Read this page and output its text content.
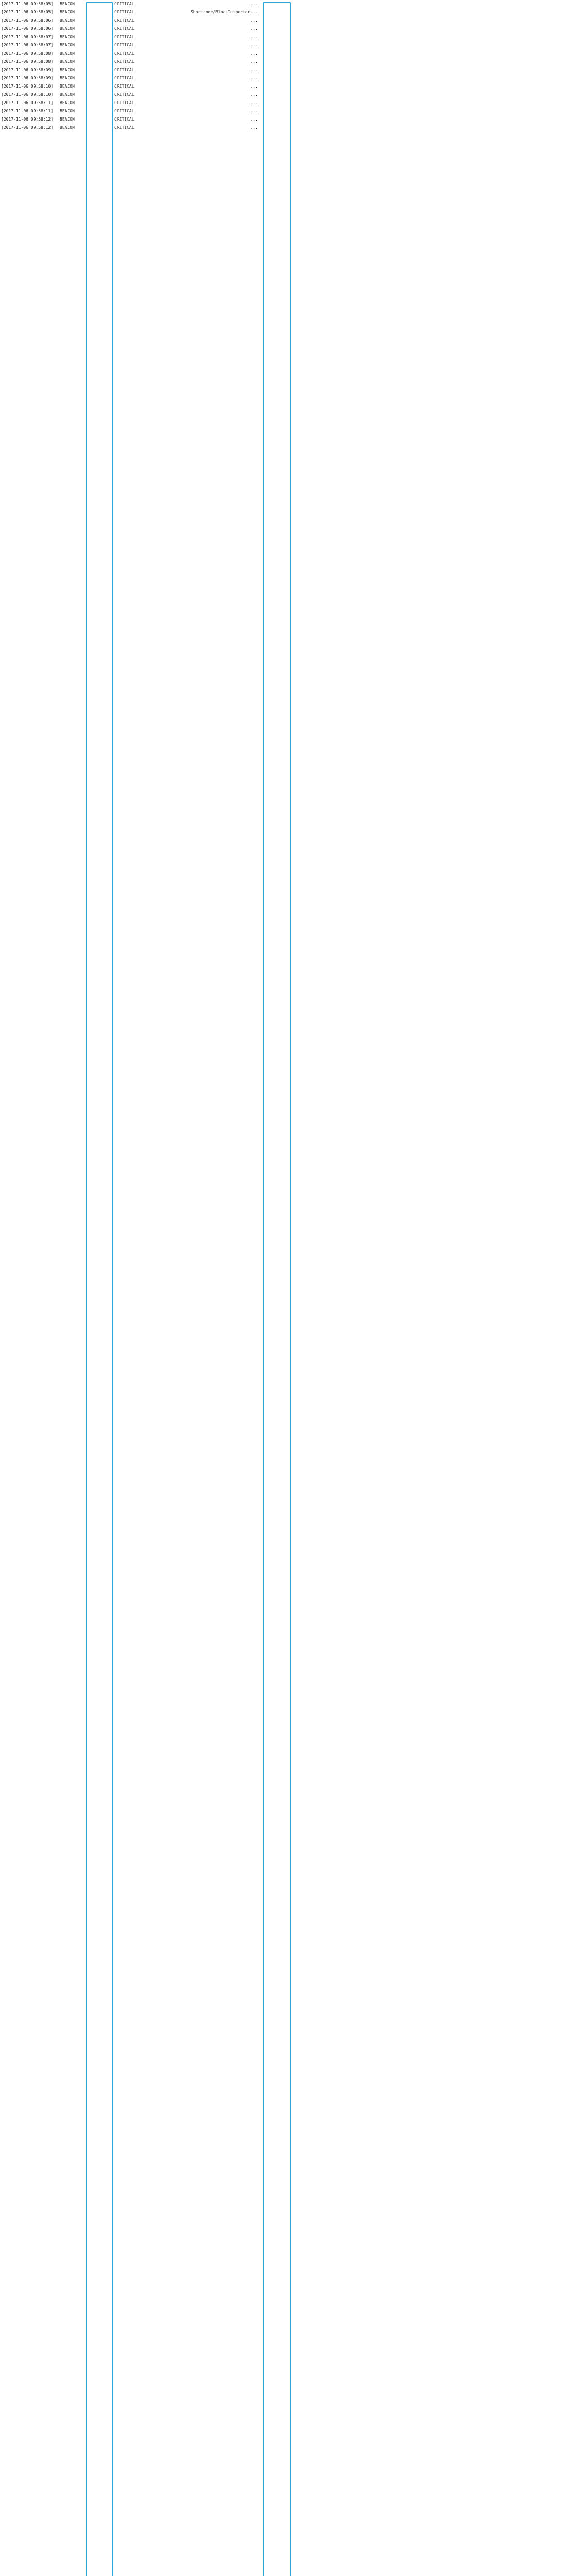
[2017-11-06 09:58:05]	BEACON	CRITICAL	...
[2017-11-06 09:58:05]	BEACON	CRITICAL	Shortcode/BlockInspector...
[2017-11-06 09:58:06]	BEACON	CRITICAL	...
[2017-11-06 09:58:06]	BEACON	CRITICAL	...
[2017-11-06 09:58:07]	BEACON	CRITICAL	...
[2017-11-06 09:58:07]	BEACON	CRITICAL	...
[2017-11-06 09:58:08]	BEACON	CRITICAL	...
[2017-11-06 09:58:08]	BEACON	CRITICAL	...
[2017-11-06 09:58:09]	BEACON	CRITICAL	...
[2017-11-06 09:58:09]	BEACON	CRITICAL	...
[2017-11-06 09:58:10]	BEACON	CRITICAL	...
[2017-11-06 09:58:10]	BEACON	CRITICAL	...
[2017-11-06 09:58:11]	BEACON	CRITICAL	...
[2017-11-06 09:58:11]	BEACON	CRITICAL	...
[2017-11-06 09:58:12]	BEACON	CRITICAL	...
[2017-11-06 09:58:12]	BEACON	CRITICAL	...
